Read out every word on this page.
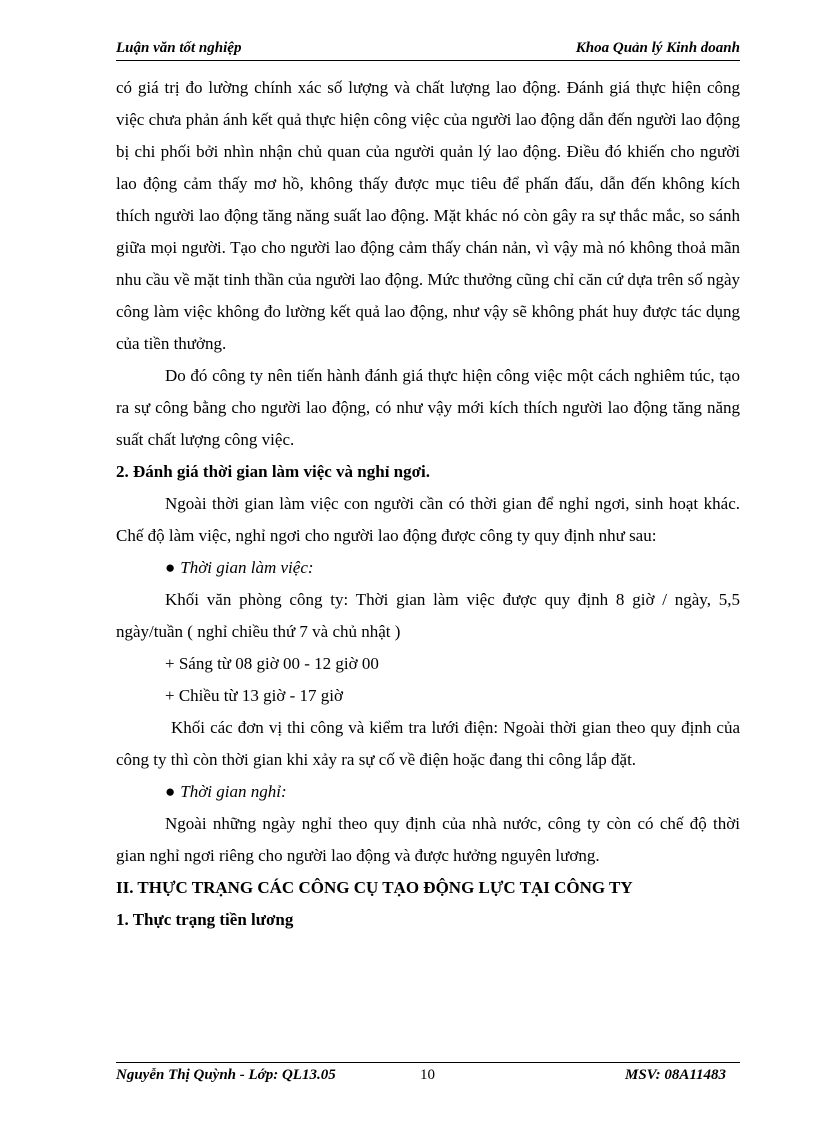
Luận văn tốt nghiệp	Khoa Quản lý Kinh doanh

có giá trị đo lường chính xác số lượng và chất lượng lao động. Đánh giá thực hiện công việc chưa phản ánh kết quả thực hiện công việc của người lao động dẫn đến người lao động bị chi phối bởi nhìn nhận chủ quan của người quản lý lao động. Điều đó khiến cho người lao động cảm thấy mơ hồ, không thấy được mục tiêu để phấn đấu, dẫn đến không kích thích người lao động tăng năng suất lao động. Mặt khác nó còn gây ra sự thắc mắc, so sánh giữa mọi người. Tạo cho người lao động cảm thấy chán nản, vì vậy mà nó không thoả mãn nhu cầu về mặt tinh thần của người lao động. Mức thưởng cũng chỉ căn cứ dựa trên số ngày công làm việc không đo lường kết quả lao động, như vậy sẽ không phát huy được tác dụng của tiền thưởng.

Do đó công ty nên tiến hành đánh giá thực hiện công việc một cách nghiêm túc, tạo ra sự công bằng cho người lao động, có như vậy mới kích thích người lao động tăng năng suất chất lượng công việc.

2. Đánh giá thời gian làm việc và nghỉ ngơi.

Ngoài thời gian làm việc con người cần có thời gian để nghỉ ngơi, sinh hoạt khác. Chế độ làm việc, nghỉ ngơi cho người lao động được công ty quy định như sau:

● Thời gian làm việc:

Khối văn phòng công ty: Thời gian làm việc được quy định 8 giờ / ngày, 5,5 ngày/tuần ( nghỉ chiều thứ 7 và chủ nhật )

+ Sáng từ 08 giờ 00 - 12 giờ 00

+ Chiều từ 13 giờ - 17 giờ

Khối các đơn vị thi công và kiểm tra lưới điện: Ngoài thời gian theo quy định của công ty thì còn thời gian khi xảy ra sự cố về điện hoặc đang thi công lắp đặt.

● Thời gian nghỉ:

Ngoài những ngày nghỉ theo quy định của nhà nước, công ty còn có chế độ thời gian nghỉ ngơi riêng cho người lao động và được hưởng nguyên lương.

II. THỰC TRẠNG CÁC CÔNG CỤ TẠO ĐỘNG LỰC TẠI CÔNG TY

1. Thực trạng tiền lương

Nguyễn Thị Quỳnh - Lớp: QL13.05	10	MSV: 08A11483
